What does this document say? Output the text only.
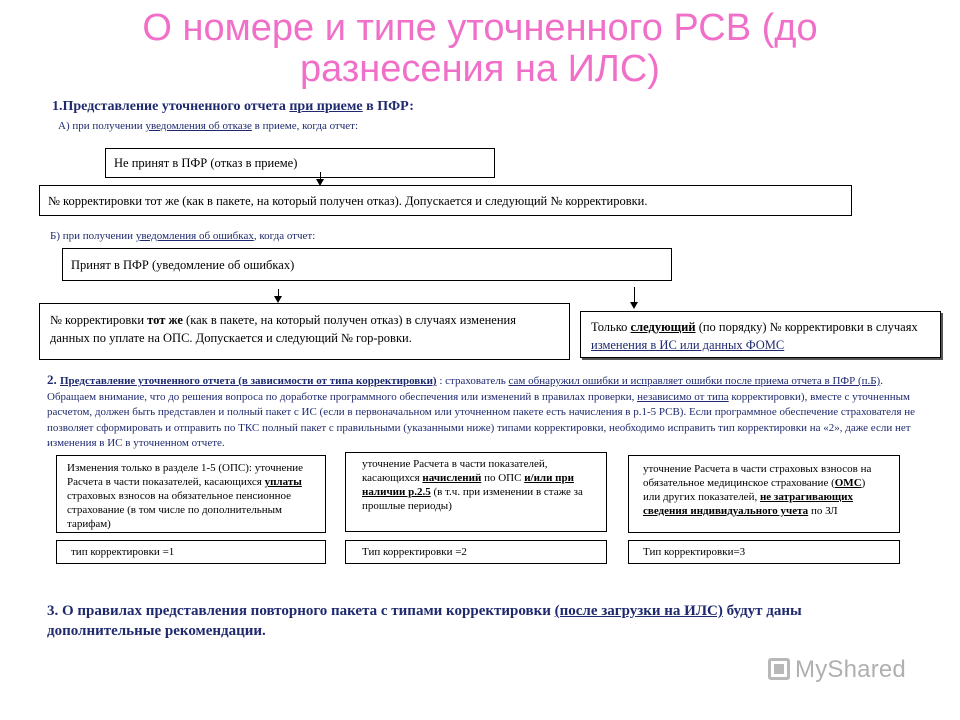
О номере и типе уточненного РСВ (до
разнесения на ИЛС)
1.Представление уточненного отчета при приеме в ПФР:
А) при получении уведомления об отказе в приеме, когда отчет:
Не принят в ПФР (отказ в приеме)
№ корректировки тот же (как в пакете, на который получен отказ). Допускается и следующий № корректировки.
Б) при получении уведомления об ошибках, когда отчет:
Принят в ПФР (уведомление об ошибках)
№ корректировки тот же (как в пакете, на который получен отказ) в случаях изменения данных по уплате на ОПС. Допускается и следующий № гор-ровки.
Только следующий (по порядку) № корректировки в случаях изменения в ИС или данных ФОМС
2. Представление уточненного отчета (в зависимости от типа корректировки) : страхователь сам обнаружил ошибки и исправляет ошибки после приема отчета в ПФР (п.Б). Обращаем внимание, что до решения вопроса по доработке программного обеспечения или изменений в правилах проверки, независимо от типа корректировки), вместе с уточненным расчетом, должен быть представлен и полный пакет с ИС (если в первоначальном или уточненном пакете есть начисления в р.1-5 РСВ). Если программное обеспечение страхователя не позволяет сформировать и отправить по ТКС полный пакет с правильными (указанными ниже) типами корректировки, необходимо исправить тип корректировки на «2», даже если нет изменения в ИС в уточненном отчете.
Изменения только в разделе 1-5 (ОПС): уточнение Расчета в части показателей, касающихся уплаты страховых взносов на обязательное пенсионное страхование (в том числе по дополнительным тарифам)
тип корректировки =1
уточнение Расчета в части показателей, касающихся начислений по ОПС и/или при наличии р.2.5 (в т.ч. при изменении в стаже за прошлые периоды)
Тип корректировки =2
уточнение Расчета в части страховых взносов на обязательное медицинское страхование (ОМС) или других показателей, не затрагивающих сведения индивидуального учета по ЗЛ
Тип корректировки=3
3. О правилах представления повторного пакета с типами корректировки (после загрузки на ИЛС) будут даны дополнительные рекомендации.
MyShared
